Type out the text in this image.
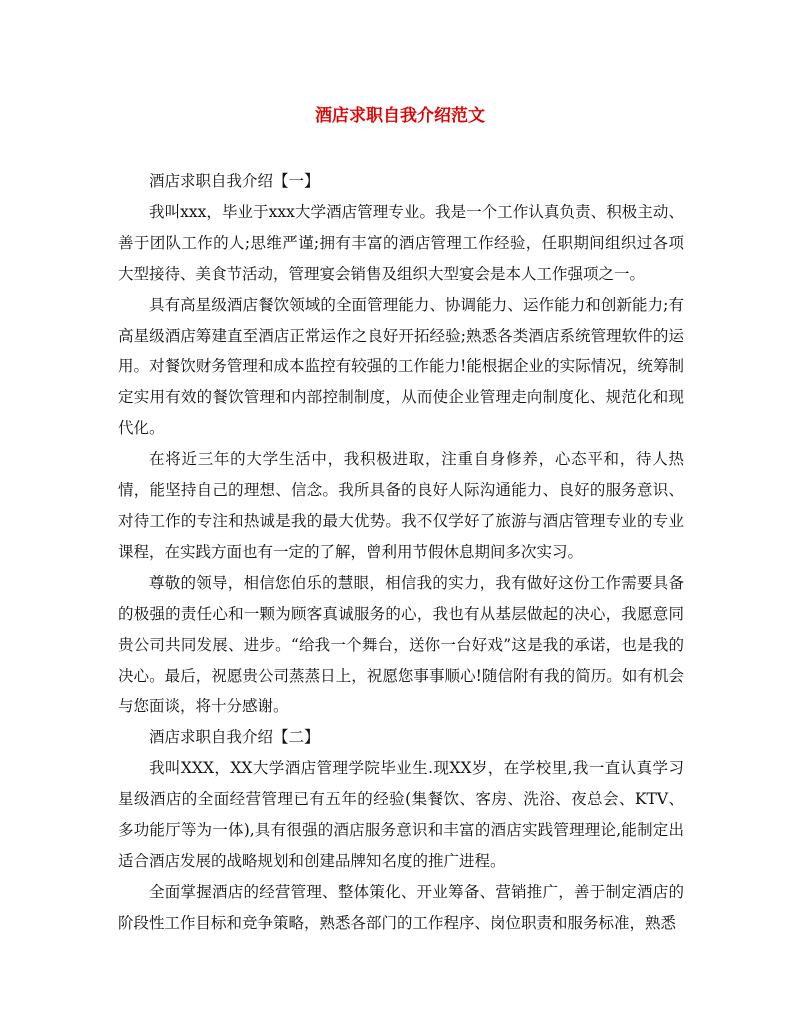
酒店求职自我介绍范文

酒店求职自我介绍【一】

我叫xxx，毕业于xxx大学酒店管理专业。我是一个工作认真负责、积极主动、善于团队工作的人;思维严谨;拥有丰富的酒店管理工作经验，任职期间组织过各项大型接待、美食节活动，管理宴会销售及组织大型宴会是本人工作强项之一。

具有高星级酒店餐饮领域的全面管理能力、协调能力、运作能力和创新能力;有高星级酒店筹建直至酒店正常运作之良好开拓经验;熟悉各类酒店系统管理软件的运用。对餐饮财务管理和成本监控有较强的工作能力!能根据企业的实际情况，统筹制定实用有效的餐饮管理和内部控制制度，从而使企业管理走向制度化、规范化和现代化。

在将近三年的大学生活中，我积极进取，注重自身修养，心态平和，待人热情，能坚持自己的理想、信念。我所具备的良好人际沟通能力、良好的服务意识、对待工作的专注和热诚是我的最大优势。我不仅学好了旅游与酒店管理专业的专业课程，在实践方面也有一定的了解，曾利用节假休息期间多次实习。

尊敬的领导，相信您伯乐的慧眼，相信我的实力，我有做好这份工作需要具备的极强的责任心和一颗为顾客真诚服务的心，我也有从基层做起的决心，我愿意同贵公司共同发展、进步。“给我一个舞台，送你一台好戏”这是我的承诺，也是我的决心。最后，祝愿贵公司蒸蒸日上，祝愿您事事顺心!随信附有我的简历。如有机会与您面谈，将十分感谢。

酒店求职自我介绍【二】

我叫XXX，XX大学酒店管理学院毕业生.现XX岁，在学校里,我一直认真学习星级酒店的全面经营管理已有五年的经验(集餐饮、客房、洗浴、夜总会、KTV、多功能厅等为一体),具有很强的酒店服务意识和丰富的酒店实践管理理论,能制定出适合酒店发展的战略规划和创建品牌知名度的推广进程。

全面掌握酒店的经营管理、整体策化、开业筹备、营销推广，善于制定酒店的阶段性工作目标和竞争策略，熟悉各部门的工作程序、岗位职责和服务标准，熟悉
